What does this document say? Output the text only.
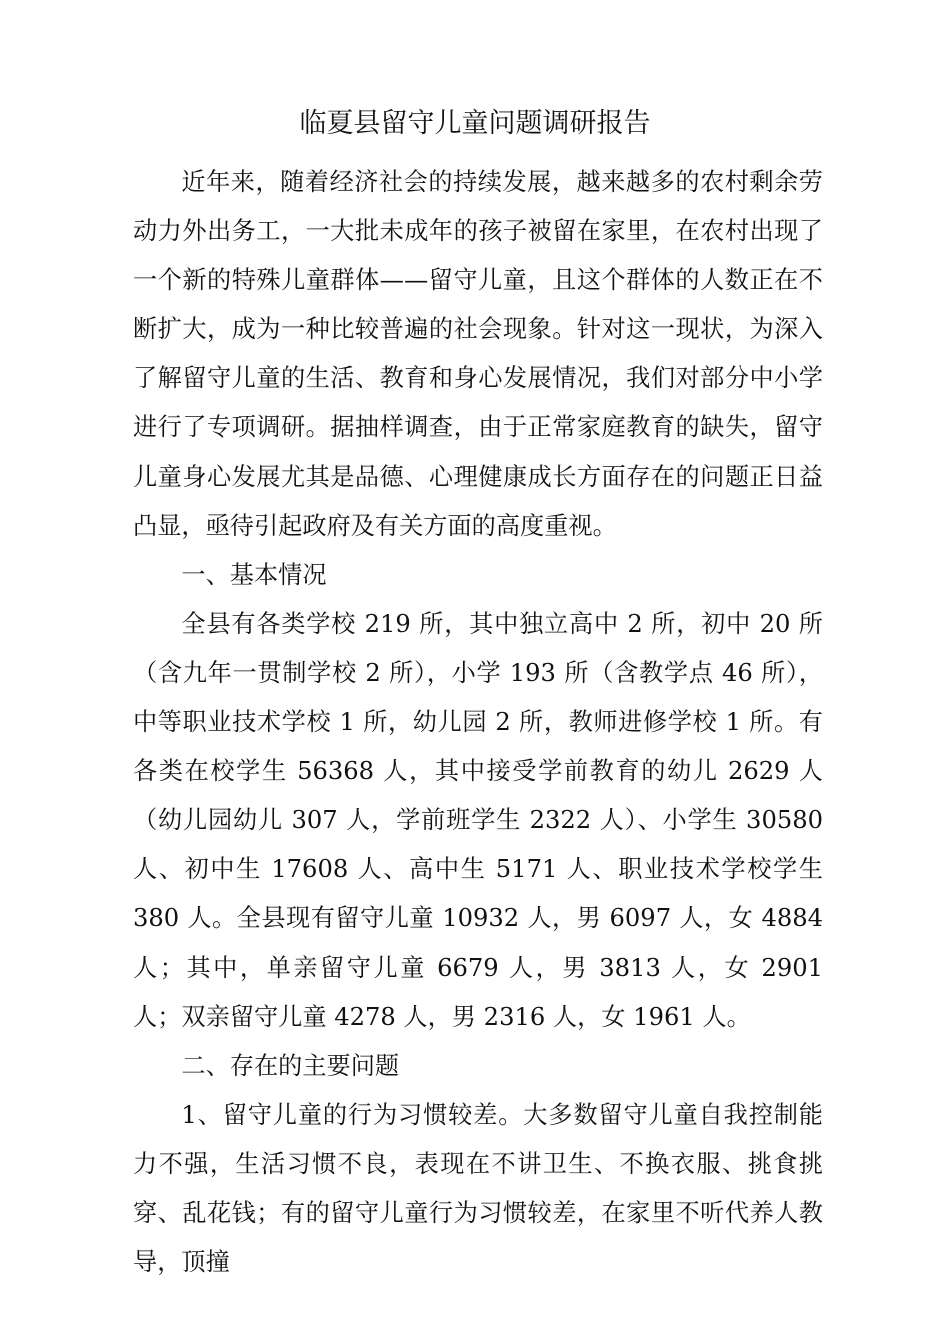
临夏县留守儿童问题调研报告

近年来，随着经济社会的持续发展，越来越多的农村剩余劳动力外出务工，一大批未成年的孩子被留在家里，在农村出现了一个新的特殊儿童群体——留守儿童，且这个群体的人数正在不断扩大，成为一种比较普遍的社会现象。针对这一现状，为深入了解留守儿童的生活、教育和身心发展情况，我们对部分中小学进行了专项调研。据抽样调查，由于正常家庭教育的缺失，留守儿童身心发展尤其是品德、心理健康成长方面存在的问题正日益凸显，亟待引起政府及有关方面的高度重视。

一、基本情况

全县有各类学校 219 所，其中独立高中 2 所，初中 20 所（含九年一贯制学校 2 所），小学 193 所（含教学点 46 所），中等职业技术学校 1 所，幼儿园 2 所，教师进修学校 1 所。有各类在校学生 56368 人，其中接受学前教育的幼儿 2629 人（幼儿园幼儿 307 人，学前班学生 2322 人）、小学生 30580 人、初中生 17608 人、高中生 5171 人、职业技术学校学生 380 人。全县现有留守儿童 10932 人，男 6097 人，女 4884 人；其中，单亲留守儿童 6679 人，男 3813 人，女 2901 人；双亲留守儿童 4278 人，男 2316 人，女 1961 人。

二、存在的主要问题

1、留守儿童的行为习惯较差。大多数留守儿童自我控制能力不强，生活习惯不良，表现在不讲卫生、不换衣服、挑食挑穿、乱花钱；有的留守儿童行为习惯较差，在家里不听代养人教导，顶撞
